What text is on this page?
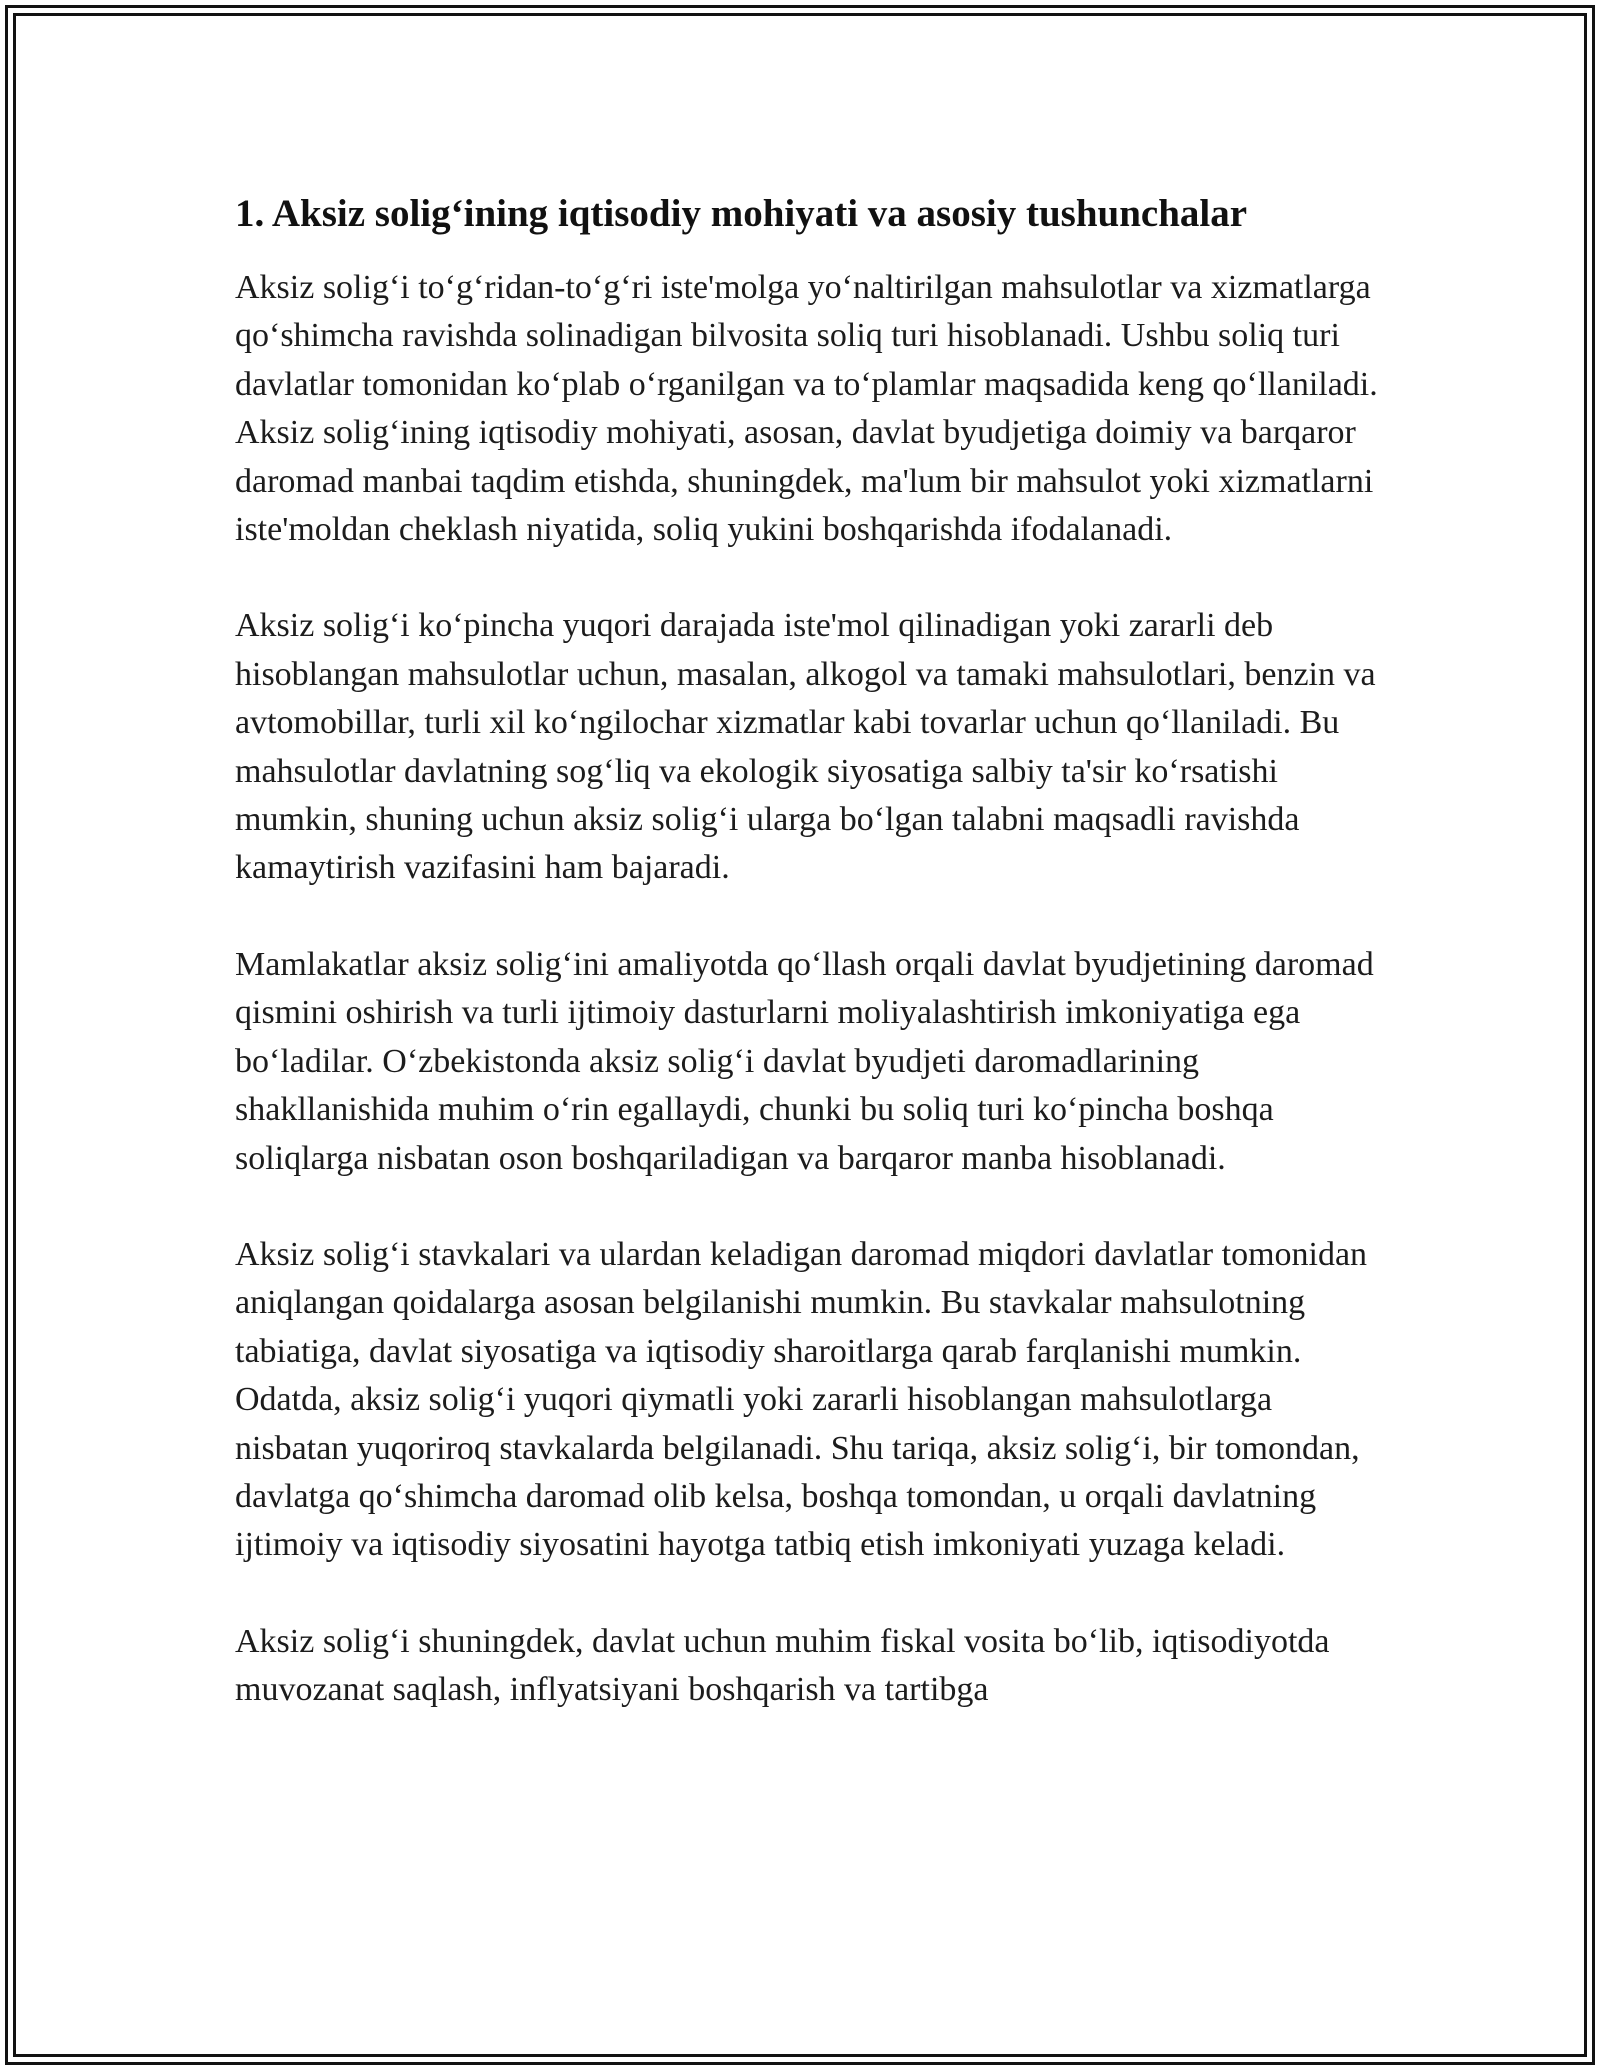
1. Aksiz solig‘ining iqtisodiy mohiyati va asosiy tushunchalar

Aksiz solig‘i to‘g‘ridan-to‘g‘ri iste'molga yo‘naltirilgan mahsulotlar va xizmatlarga qo‘shimcha ravishda solinadigan bilvosita soliq turi hisoblanadi. Ushbu soliq turi davlatlar tomonidan ko‘plab o‘rganilgan va to‘plamlar maqsadida keng qo‘llaniladi. Aksiz solig‘ining iqtisodiy mohiyati, asosan, davlat byudjetiga doimiy va barqaror daromad manbai taqdim etishda, shuningdek, ma'lum bir mahsulot yoki xizmatlarni iste'moldan cheklash niyatida, soliq yukini boshqarishda ifodalanadi.

Aksiz solig‘i ko‘pincha yuqori darajada iste'mol qilinadigan yoki zararli deb hisoblangan mahsulotlar uchun, masalan, alkogol va tamaki mahsulotlari, benzin va avtomobillar, turli xil ko‘ngilochar xizmatlar kabi tovarlar uchun qo‘llaniladi. Bu mahsulotlar davlatning sog‘liq va ekologik siyosatiga salbiy ta'sir ko‘rsatishi mumkin, shuning uchun aksiz solig‘i ularga bo‘lgan talabni maqsadli ravishda kamaytirish vazifasini ham bajaradi.

Mamlakatlar aksiz solig‘ini amaliyotda qo‘llash orqali davlat byudjetining daromad qismini oshirish va turli ijtimoiy dasturlarni moliyalashtirish imkoniyatiga ega bo‘ladilar. O‘zbekistonda aksiz solig‘i davlat byudjeti daromadlarining shakllanishida muhim o‘rin egallaydi, chunki bu soliq turi ko‘pincha boshqa soliqlarga nisbatan oson boshqariladigan va barqaror manba hisoblanadi.

Aksiz solig‘i stavkalari va ulardan keladigan daromad miqdori davlatlar tomonidan aniqlangan qoidalarga asosan belgilanishi mumkin. Bu stavkalar mahsulotning tabiatiga, davlat siyosatiga va iqtisodiy sharoitlarga qarab farqlanishi mumkin. Odatda, aksiz solig‘i yuqori qiymatli yoki zararli hisoblangan mahsulotlarga nisbatan yuqoriroq stavkalarda belgilanadi. Shu tariqa, aksiz solig‘i, bir tomondan, davlatga qo‘shimcha daromad olib kelsa, boshqa tomondan, u orqali davlatning ijtimoiy va iqtisodiy siyosatini hayotga tatbiq etish imkoniyati yuzaga keladi.

Aksiz solig‘i shuningdek, davlat uchun muhim fiskal vosita bo‘lib, iqtisodiyotda muvozanat saqlash, inflyatsiyani boshqarish va tartibga
